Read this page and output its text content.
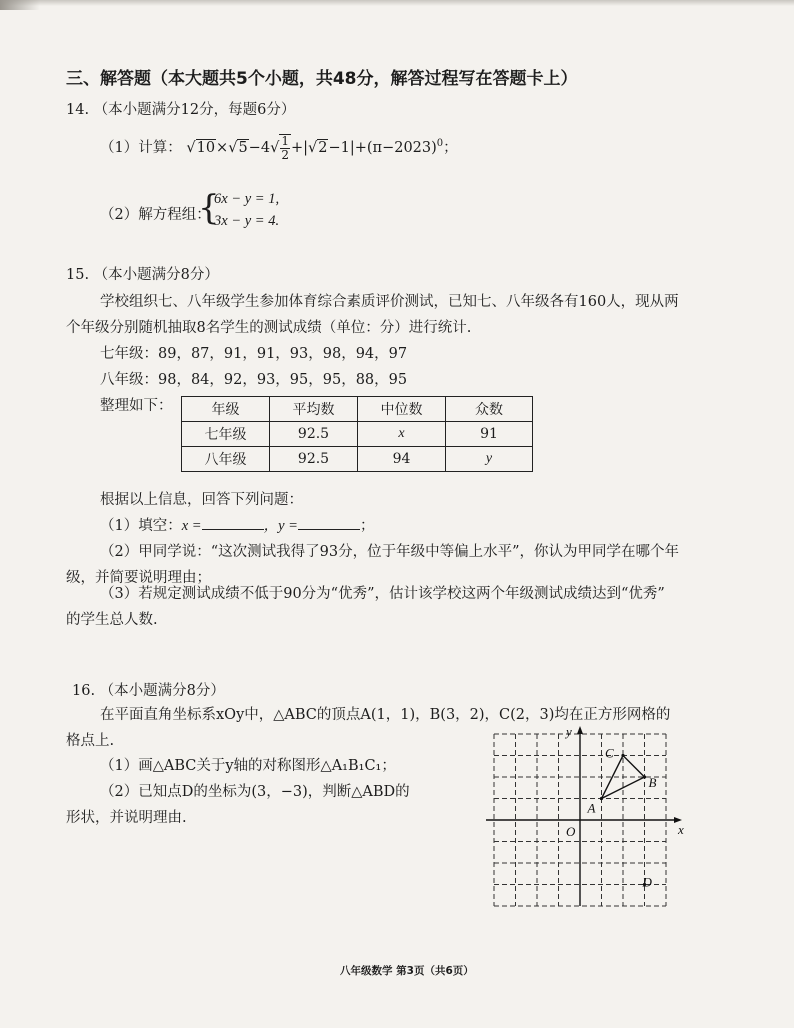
三、解答题（本大题共5个小题，共48分，解答过程写在答题卡上）
14. （本小题满分12分，每题6分）
（1）计算： $√10\times√5-4√ \frac{1}{2} +|√2-1|+(\pi-2023)^0$；
（2）解方程组：
{
6x − y = 1,
3x − y = 4.
15. （本小题满分8分）
学校组织七、八年级学生参加体育综合素质评价测试，已知七、八年级各有160人，现从两
个年级分别随机抽取8名学生的测试成绩（单位：分）进行统计.
七年级：89，87，91，91，93，98，94，97
八年级：98，84，92，93，95，95，88，95
整理如下：	年级	平均数	中位数	众数
七年级	92.5	x	91
八年级	92.5	94	y
根据以上信息，回答下列问题：
（1）填空：x =	，y =	；
（2）甲同学说：“这次测试我得了93分，位于年级中等偏上水平”，你认为甲同学在哪个年
级，并简要说明理由；
（3）若规定测试成绩不低于90分为“优秀”，估计该学校这两个年级测试成绩达到“优秀”
的学生总人数.
16. （本小题满分8分）
在平面直角坐标系xOy中，△ABC的顶点A(1，1)，B(3，2)，C(2，3)均在正方形网格的
格点上.
（1）画△ABC关于y轴的对称图形△A₁B₁C₁；
（2）已知点D的坐标为(3，−3)，判断△ABD的
形状，并说明理由.
y
x
O
A
B
C
D
八年级数学 第3页（共6页）
